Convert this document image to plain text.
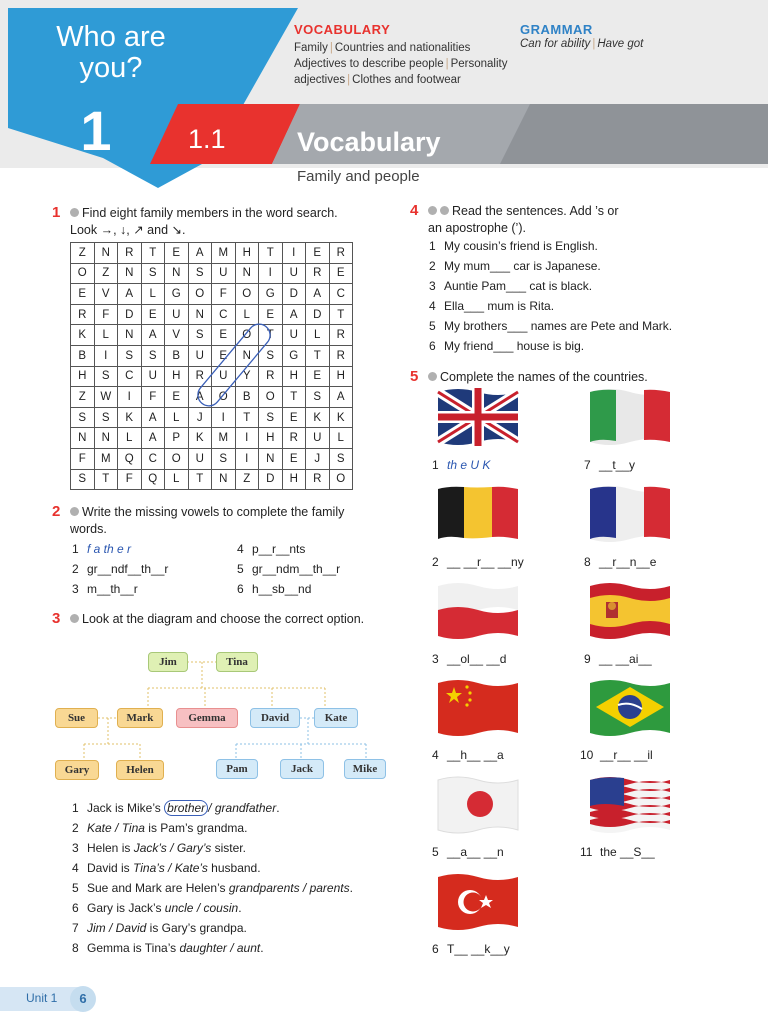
Who are you?
1	1.1	Vocabulary
Family and people
VOCABULARY
Family | Countries and nationalities
Adjectives to describe people | Personality adjectives | Clothes and footwear
GRAMMAR
Can for ability | Have got
1	Find eight family members in the word search.
Look →, ↓, ↗ and ↘.
Z	N	R	T	E	A	M	H	T	I	E	R
O	Z	N	S	N	S	U	N	I	U	R	E
E	V	A	L	G	O	F	O	G	D	A	C
R	F	D	E	U	N	C	L	E	A	D	T
K	L	N	A	V	S	E	O	T	U	L	R
B	I	S	S	B	U	E	N	S	G	T	R
H	S	C	U	H	R	U	Y	R	H	E	H
Z	W	I	F	E	A	O	B	O	T	S	A
S	S	K	A	L	J	I	T	S	E	K	K
N	N	L	A	P	K	M	I	H	R	U	L
F	M	Q	C	O	U	S	I	N	E	J	S
S	T	F	Q	L	T	N	Z	D	H	R	O
2	Write the missing vowels to complete the family words.
1 f a th e r
2 gr__ndf__th__r
3 m__th__r
4 p__r__nts
5 gr__ndm__th__r
6 h__sb__nd
3	Look at the diagram and choose the correct option.
Jim	Tina
Sue	Mark	Gemma	David	Kate
Gary	Helen	Pam	Jack	Mike
1 Jack is Mike’s brother / grandfather.
2 Kate / Tina is Pam’s grandma.
3 Helen is Jack’s / Gary’s sister.
4 David is Tina’s / Kate’s husband.
5 Sue and Mark are Helen’s grandparents / parents.
6 Gary is Jack’s uncle / cousin.
7 Jim / David is Gary’s grandpa.
8 Gemma is Tina’s daughter / aunt.
4	Read the sentences. Add ’s or
an apostrophe (’).
1 My cousin’s friend is English.
2 My mum___ car is Japanese.
3 Auntie Pam___ cat is black.
4 Ella___ mum is Rita.
5 My brothers___ names are Pete and Mark.
6 My friend___ house is big.
5	Complete the names of the countries.
1 th e U K	7 __t__y
2 __ __r__ __ny	8 __r__n__e
3 __ol__ __d	9 __ __ai__
4 __h__ __a	10 __r__ __il
5 __a__ __n	11 the __S__
6 T__ __k__y
Unit 1	6
